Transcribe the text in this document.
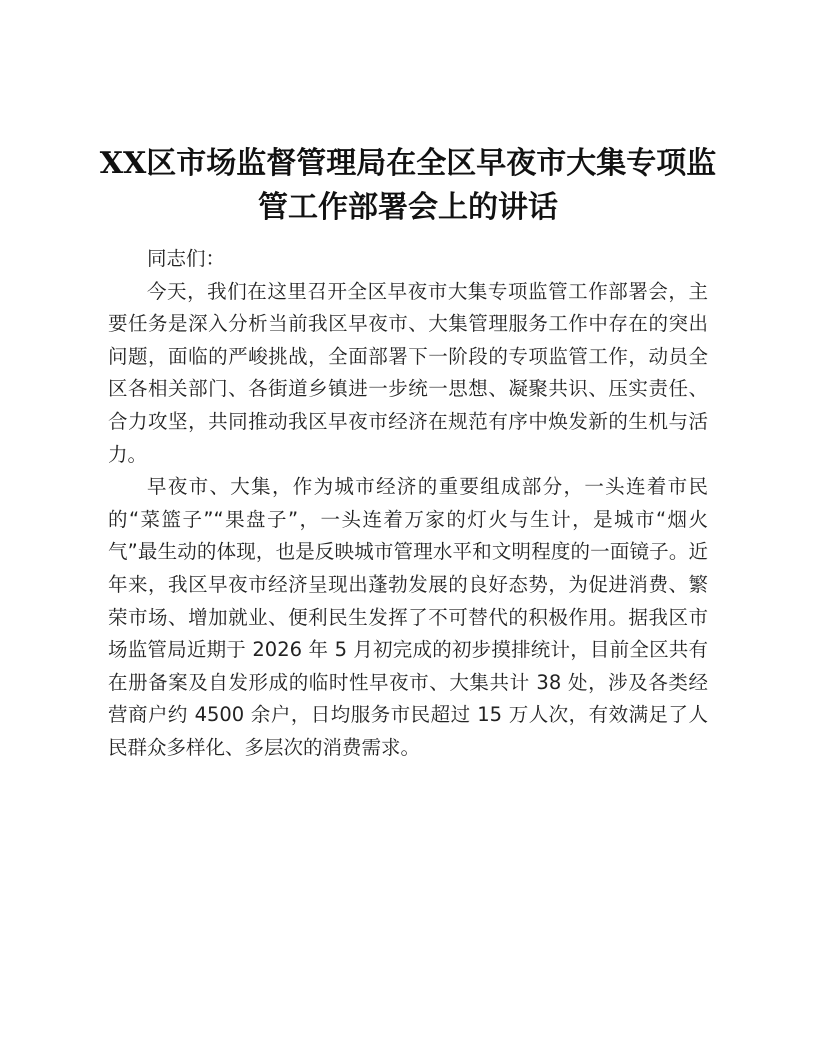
XX区市场监督管理局在全区早夜市大集专项监管工作部署会上的讲话

同志们：

今天，我们在这里召开全区早夜市大集专项监管工作部署会，主要任务是深入分析当前我区早夜市、大集管理服务工作中存在的突出问题，面临的严峻挑战，全面部署下一阶段的专项监管工作，动员全区各相关部门、各街道乡镇进一步统一思想、凝聚共识、压实责任、合力攻坚，共同推动我区早夜市经济在规范有序中焕发新的生机与活力。

早夜市、大集，作为城市经济的重要组成部分，一头连着市民的“菜篮子”“果盘子”，一头连着万家的灯火与生计，是城市“烟火气”最生动的体现，也是反映城市管理水平和文明程度的一面镜子。近年来，我区早夜市经济呈现出蓬勃发展的良好态势，为促进消费、繁荣市场、增加就业、便利民生发挥了不可替代的积极作用。据我区市场监管局近期于 2026 年 5 月初完成的初步摸排统计，目前全区共有在册备案及自发形成的临时性早夜市、大集共计 38 处，涉及各类经营商户约 4500 余户，日均服务市民超过 15 万人次，有效满足了人民群众多样化、多层次的消费需求。
